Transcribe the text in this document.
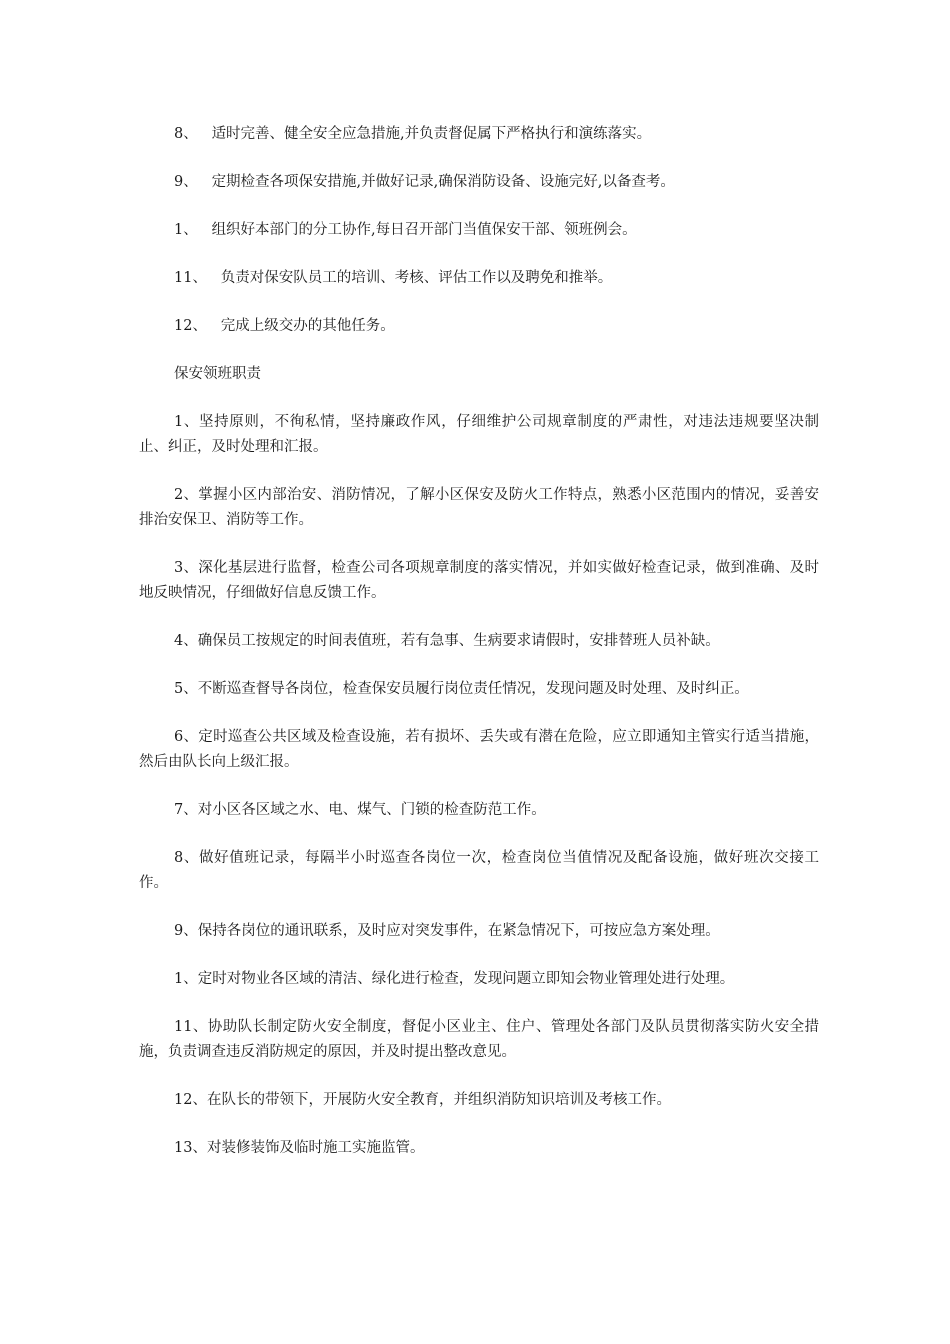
8、 适时完善、健全安全应急措施,并负责督促属下严格执行和演练落实。

9、 定期检查各项保安措施,并做好记录,确保消防设备、设施完好,以备查考。

1、 组织好本部门的分工协作,每日召开部门当值保安干部、领班例会。

11、 负责对保安队员工的培训、考核、评估工作以及聘免和推举。

12、 完成上级交办的其他任务。

保安领班职责

1、坚持原则，不徇私情，坚持廉政作风，仔细维护公司规章制度的严肃性，对违法违规要坚决制止、纠正，及时处理和汇报。

2、掌握小区内部治安、消防情况，了解小区保安及防火工作特点，熟悉小区范围内的情况，妥善安排治安保卫、消防等工作。

3、深化基层进行监督，检查公司各项规章制度的落实情况，并如实做好检查记录，做到准确、及时地反映情况，仔细做好信息反馈工作。

4、确保员工按规定的时间表值班，若有急事、生病要求请假时，安排替班人员补缺。

5、不断巡查督导各岗位，检查保安员履行岗位责任情况，发现问题及时处理、及时纠正。

6、定时巡查公共区域及检查设施，若有损坏、丢失或有潜在危险，应立即通知主管实行适当措施，然后由队长向上级汇报。

7、对小区各区域之水、电、煤气、门锁的检查防范工作。

8、做好值班记录，每隔半小时巡查各岗位一次，检查岗位当值情况及配备设施，做好班次交接工作。

9、保持各岗位的通讯联系，及时应对突发事件，在紧急情况下，可按应急方案处理。

1、定时对物业各区域的清洁、绿化进行检查，发现问题立即知会物业管理处进行处理。

11、协助队长制定防火安全制度，督促小区业主、住户、管理处各部门及队员贯彻落实防火安全措施，负责调查违反消防规定的原因，并及时提出整改意见。

12、在队长的带领下，开展防火安全教育，并组织消防知识培训及考核工作。

13、对装修装饰及临时施工实施监管。
